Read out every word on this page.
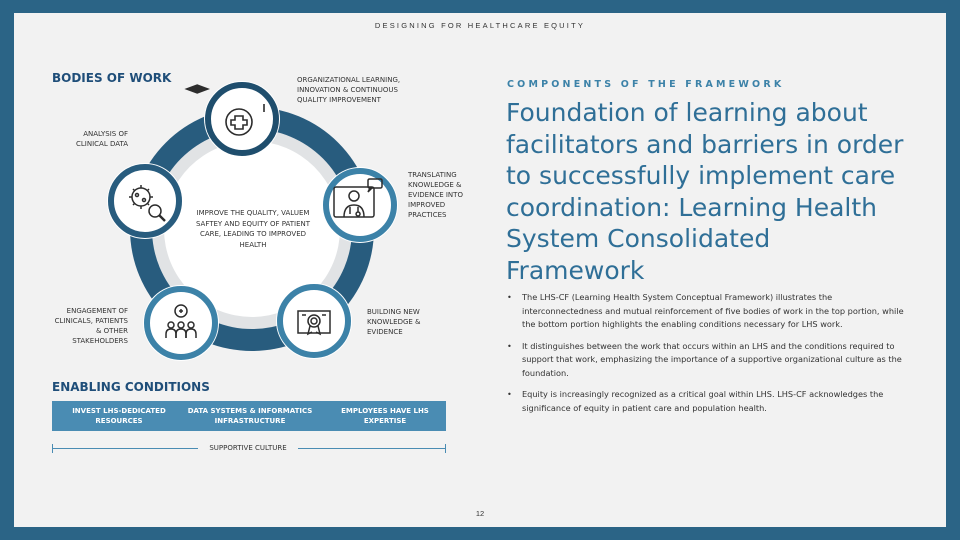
DESIGNING FOR HEALTHCARE EQUITY
BODIES OF WORK
IMPROVE THE QUALITY, VALUEM SAFTEY AND EQUITY OF PATIENT CARE, LEADING TO IMPROVED HEALTH
ORGANIZATIONAL LEARNING, INNOVATION & CONTINUOUS QUALITY IMPROVEMENT
TRANSLATING KNOWLEDGE & EVIDENCE INTO IMPROVED PRACTICES
BUILDING NEW KNOWLEDGE & EVIDENCE
ENGAGEMENT OF CLINICALS, PATIENTS & OTHER STAKEHOLDERS
ANALYSIS OF CLINICAL DATA
ENABLING CONDITIONS
INVEST LHS-DEDICATED RESOURCES
DATA SYSTEMS & INFORMATICS INFRASTRUCTURE
EMPLOYEES HAVE LHS EXPERTISE
SUPPORTIVE CULTURE
COMPONENTS OF THE FRAMEWORK
Foundation of learning about facilitators and barriers in order to successfully implement care coordination: Learning Health System Consolidated Framework
• The LHS-CF (Learning Health System Conceptual Framework) illustrates the interconnectedness and mutual reinforcement of five bodies of work in the top portion, while the bottom portion highlights the enabling conditions necessary for LHS work.
• It distinguishes between the work that occurs within an LHS and the conditions required to support that work, emphasizing the importance of a supportive organizational culture as the foundation.
• Equity is increasingly recognized as a critical goal within LHS. LHS-CF acknowledges the significance of equity in patient care and population health.
12
